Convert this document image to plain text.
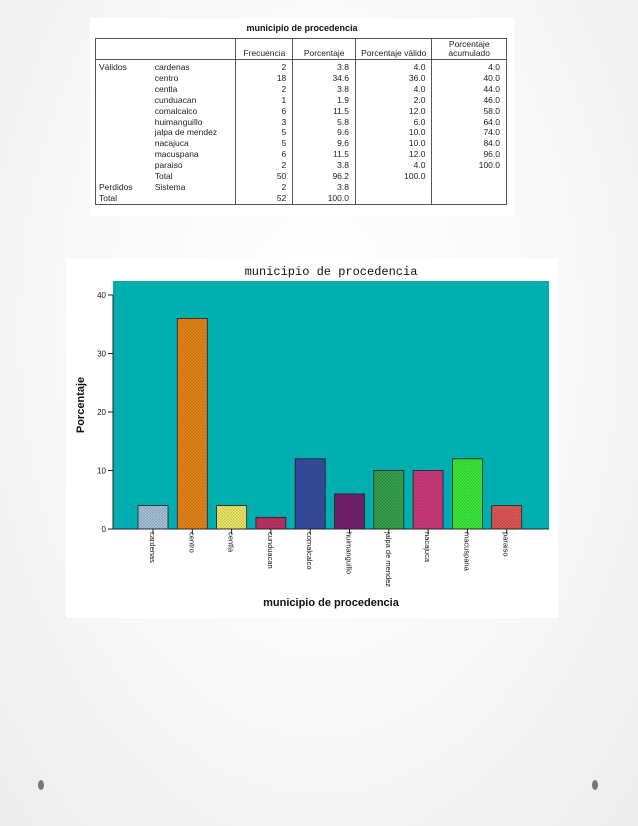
municipio de procedencia
		Frecuencia	Porcentaje	Porcentaje válido	Porcentaje acumulado
Válidos	cardenas	2	3.8	4.0	4.0
	centro	18	34.6	36.0	40.0
	centla	2	3.8	4.0	44.0
	cunduacan	1	1.9	2.0	46.0
	comalcalco	6	11.5	12.0	58.0
	huimanguillo	3	5.8	6.0	64.0
	jalpa de mendez	5	9.6	10.0	74.0
	nacajuca	5	9.6	10.0	84.0
	macuspana	6	11.5	12.0	96.0
	paraiso	2	3.8	4.0	100.0
	Total	50	96.2	100.0	
Perdidos	Sistema	2	3.8		
Total		52	100.0		
municipio de procedencia
0
10
20
30
40
cardenas	centro	centla	cunduacan	comalcalco	huimanguillo	jalpa de mendez	nacajuca	macuspana	paraiso
Porcentaje
municipio de procedencia
